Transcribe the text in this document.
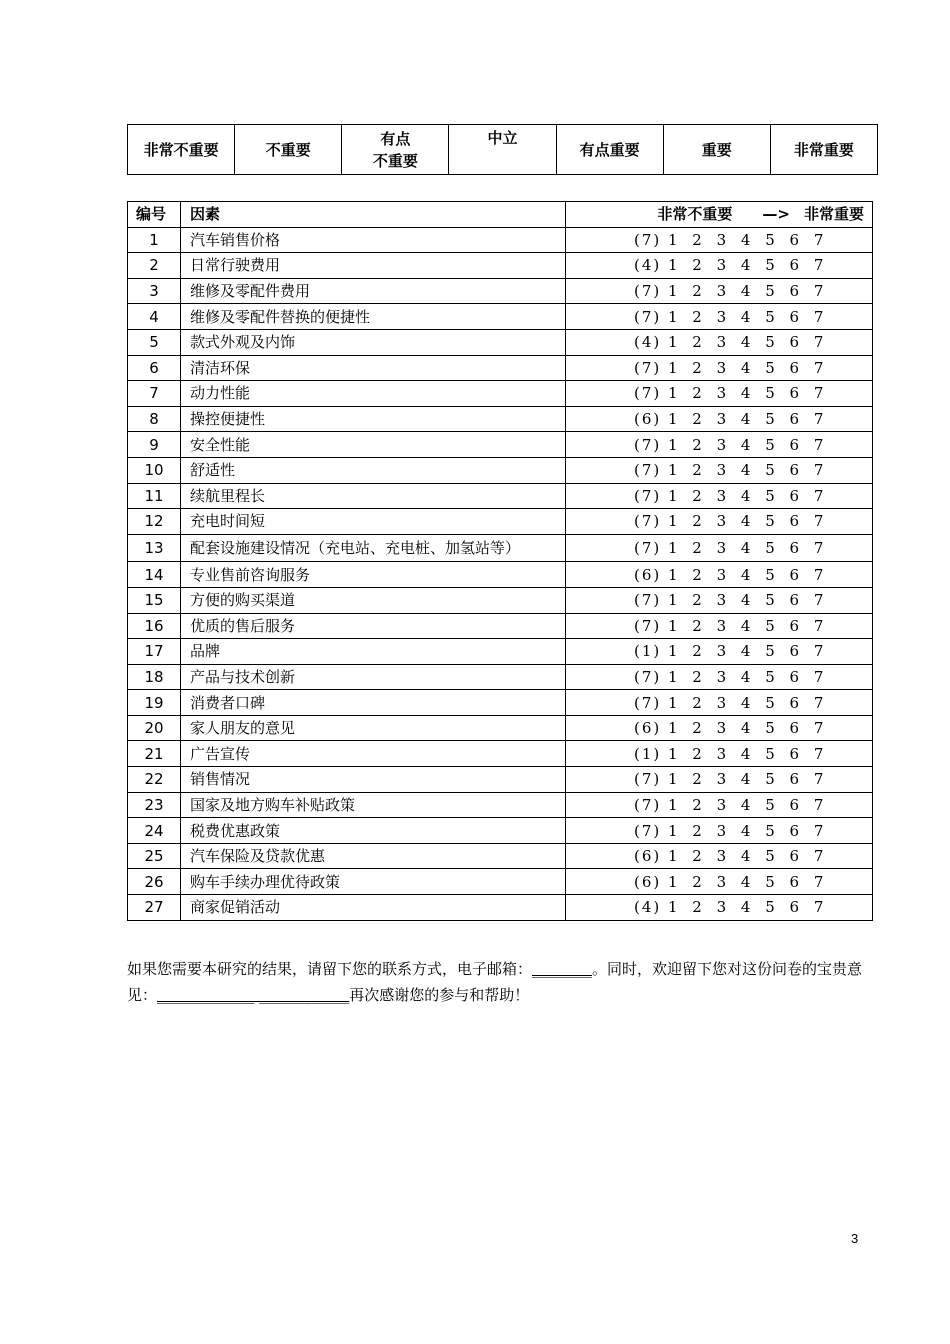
非常不重要	不重要	有点
不重要	中立	有点重要	重要	非常重要
编号	因素	非常不重要 —> 非常重要
1	汽车销售价格	(7) 1 2 3 4 5 6 7
2	日常行驶费用	(4) 1 2 3 4 5 6 7
3	维修及零配件费用	(7) 1 2 3 4 5 6 7
4	维修及零配件替换的便捷性	(7) 1 2 3 4 5 6 7
5	款式外观及内饰	(4) 1 2 3 4 5 6 7
6	清洁环保	(7) 1 2 3 4 5 6 7
7	动力性能	(7) 1 2 3 4 5 6 7
8	操控便捷性	(6) 1 2 3 4 5 6 7
9	安全性能	(7) 1 2 3 4 5 6 7
10	舒适性	(7) 1 2 3 4 5 6 7
11	续航里程长	(7) 1 2 3 4 5 6 7
12	充电时间短	(7) 1 2 3 4 5 6 7
13	配套设施建设情况（充电站、充电桩、加氢站等）	(7) 1 2 3 4 5 6 7
14	专业售前咨询服务	(6) 1 2 3 4 5 6 7
15	方便的购买渠道	(7) 1 2 3 4 5 6 7
16	优质的售后服务	(7) 1 2 3 4 5 6 7
17	品牌	(1) 1 2 3 4 5 6 7
18	产品与技术创新	(7) 1 2 3 4 5 6 7
19	消费者口碑	(7) 1 2 3 4 5 6 7
20	家人朋友的意见	(6) 1 2 3 4 5 6 7
21	广告宣传	(1) 1 2 3 4 5 6 7
22	销售情况	(7) 1 2 3 4 5 6 7
23	国家及地方购车补贴政策	(7) 1 2 3 4 5 6 7
24	税费优惠政策	(7) 1 2 3 4 5 6 7
25	汽车保险及贷款优惠	(6) 1 2 3 4 5 6 7
26	购车手续办理优待政策	(6) 1 2 3 4 5 6 7
27	商家促销活动	(4) 1 2 3 4 5 6 7
如果您需要本研究的结果，请留下您的联系方式，电子邮箱：________。同时，欢迎留下您对这份问卷的宝贵意见：_____________ ____________再次感谢您的参与和帮助！
3
